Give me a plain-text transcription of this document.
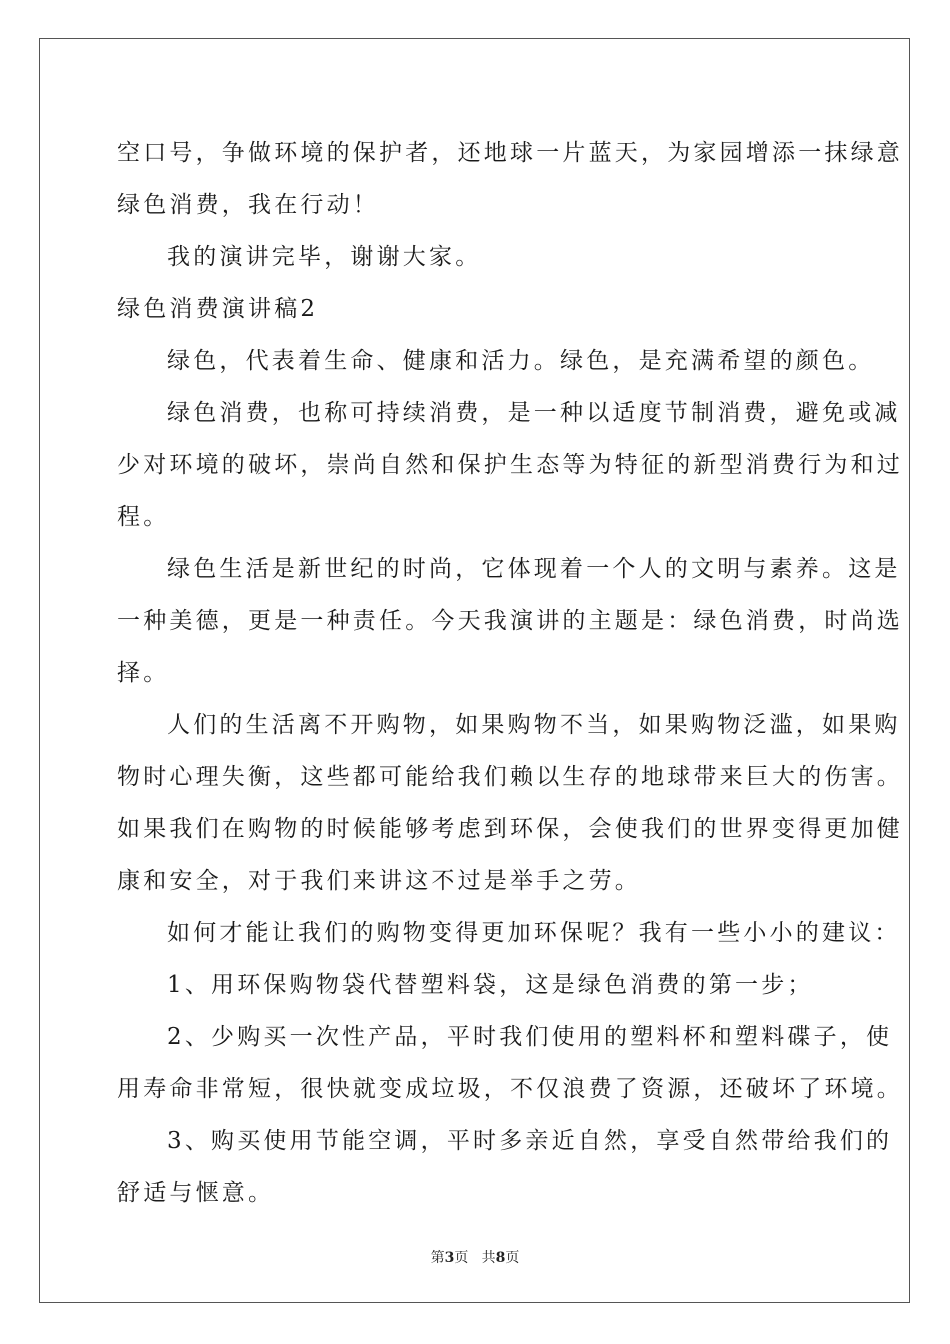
空口号，争做环境的保护者，还地球一片蓝天，为家园增添一抹绿意
绿色消费，我在行动！
我的演讲完毕，谢谢大家。
绿色消费演讲稿2
绿色，代表着生命、健康和活力。绿色，是充满希望的颜色。
绿色消费，也称可持续消费，是一种以适度节制消费，避免或减
少对环境的破坏，崇尚自然和保护生态等为特征的新型消费行为和过
程。
绿色生活是新世纪的时尚，它体现着一个人的文明与素养。这是
一种美德，更是一种责任。今天我演讲的主题是：绿色消费，时尚选
择。
人们的生活离不开购物，如果购物不当，如果购物泛滥，如果购
物时心理失衡，这些都可能给我们赖以生存的地球带来巨大的伤害。
如果我们在购物的时候能够考虑到环保，会使我们的世界变得更加健
康和安全，对于我们来讲这不过是举手之劳。
如何才能让我们的购物变得更加环保呢？我有一些小小的建议：
1、用环保购物袋代替塑料袋，这是绿色消费的第一步；
2、少购买一次性产品，平时我们使用的塑料杯和塑料碟子，使
用寿命非常短，很快就变成垃圾，不仅浪费了资源，还破坏了环境。
3、购买使用节能空调，平时多亲近自然，享受自然带给我们的
舒适与惬意。
第3页 共8页
